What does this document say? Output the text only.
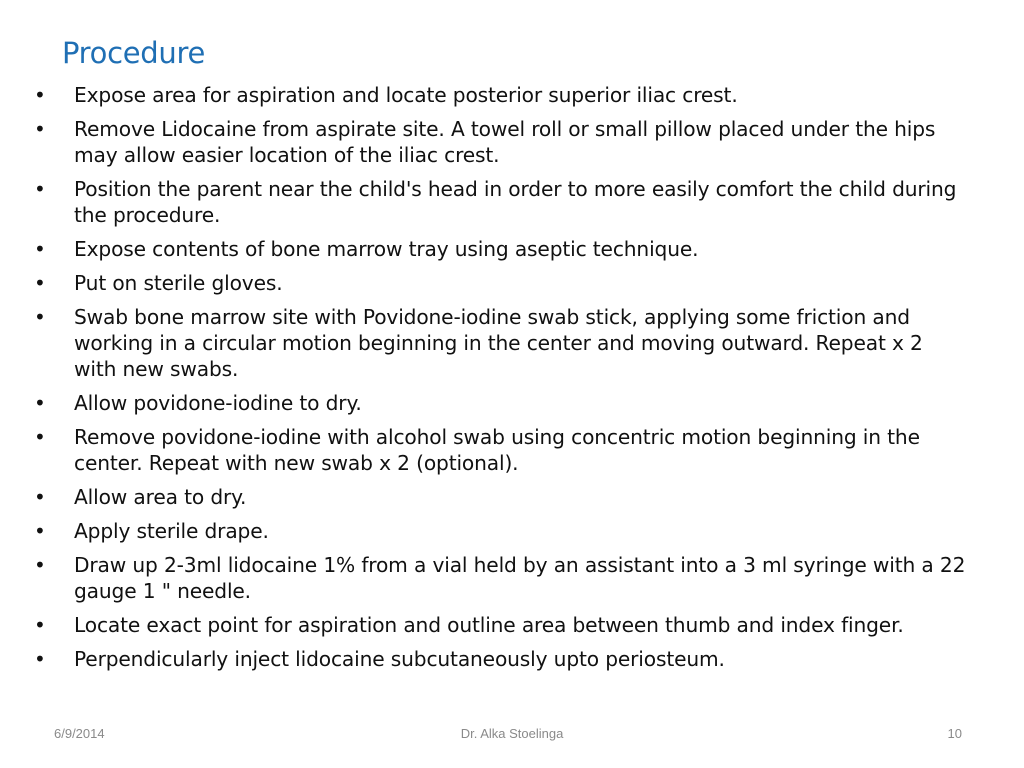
Procedure
• Expose area for aspiration and locate posterior superior iliac crest.
• Remove Lidocaine from aspirate site. A towel roll or small pillow placed under the hips may allow easier location of the iliac crest.
• Position the parent near the child's head in order to more easily comfort the child during the procedure.
• Expose contents of bone marrow tray using aseptic technique.
• Put on sterile gloves.
• Swab bone marrow site with Povidone-iodine swab stick, applying some friction and working in a circular motion beginning in the center and moving outward. Repeat x 2 with new swabs.
• Allow povidone-iodine to dry.
• Remove povidone-iodine with alcohol swab using concentric motion beginning in the center. Repeat with new swab x 2 (optional).
• Allow area to dry.
• Apply sterile drape.
• Draw up 2-3ml lidocaine 1% from a vial held by an assistant into a 3 ml syringe with a 22 gauge 1 " needle.
• Locate exact point for aspiration and outline area between thumb and index finger.
• Perpendicularly inject lidocaine subcutaneously upto periosteum.
6/9/2014	Dr. Alka Stoelinga	10
